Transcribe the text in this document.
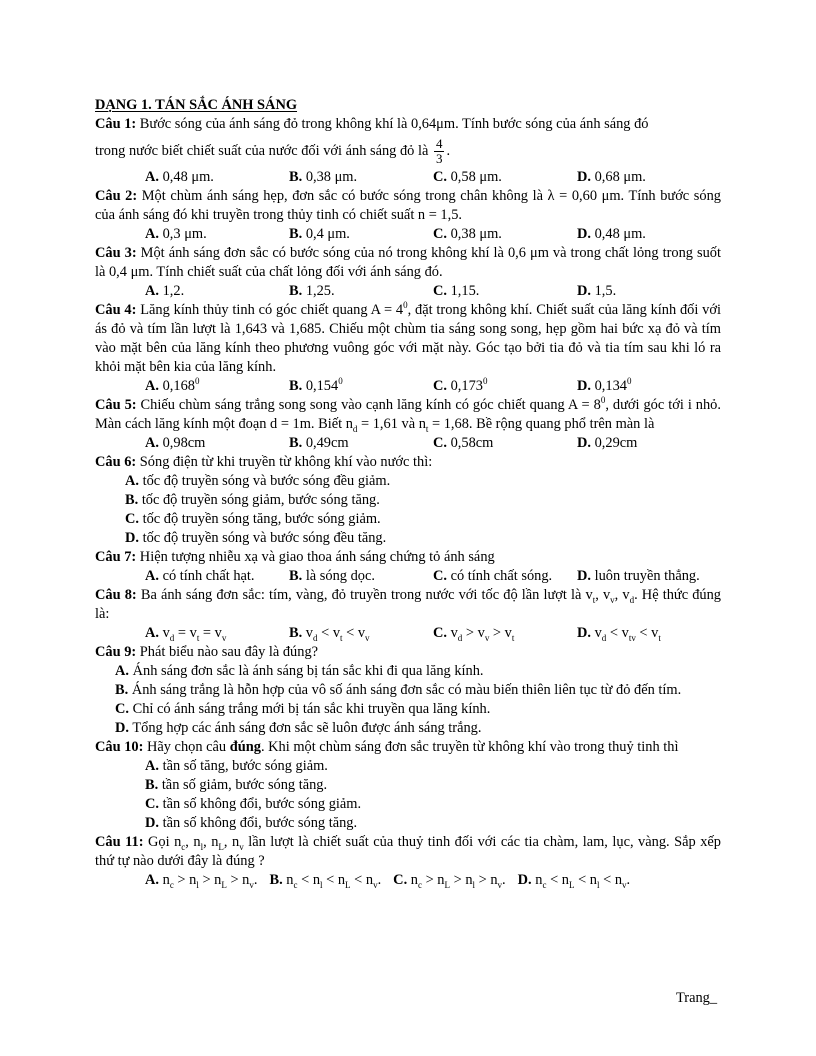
DẠNG 1. TÁN SẮC ÁNH SÁNG
Câu 1: Bước sóng của ánh sáng đỏ trong không khí là 0,64μm. Tính bước sóng của ánh sáng đó
trong nước biết chiết suất của nước đối với ánh sáng đỏ là $\frac{4}{3}$ .
A. 0,48 μm.	B. 0,38 μm.	C. 0,58 μm.	D. 0,68 μm.
Câu 2: Một chùm ánh sáng hẹp, đơn sắc có bước sóng trong chân không là λ = 0,60 μm. Tính bước sóng của ánh sáng đó khi truyền trong thủy tinh có chiết suất n = 1,5.
A. 0,3 μm.	B. 0,4 μm.	C. 0,38 μm.	D. 0,48 μm.
Câu 3: Một ánh sáng đơn sắc có bước sóng của nó trong không khí là 0,6 μm và trong chất lỏng trong suốt là 0,4 μm. Tính chiết suất của chất lỏng đối với ánh sáng đó.
A. 1,2.	B. 1,25.	C. 1,15.	D. 1,5.
Câu 4: Lăng kính thủy tinh có góc chiết quang $A = 4^0$, đặt trong không khí. Chiết suất của lăng kính đối với ás đỏ và tím lần lượt là 1,643 và 1,685. Chiếu một chùm tia sáng song song, hẹp gồm hai bức xạ đỏ và tím vào mặt bên của lăng kính theo phương vuông góc với mặt này. Góc tạo bởi tia đỏ và tia tím sau khi ló ra khỏi mặt bên kia của lăng kính.
A. 0,168$^0$	B. 0,154$^0$	C. 0,173$^0$	D. 0,134$^0$
Câu 5: Chiếu chùm sáng trắng song song vào cạnh lăng kính có góc chiết quang $A = 8^0$, dưới góc tới i nhỏ. Màn cách lăng kính một đoạn d = 1m. Biết $n_d = 1,61$ và $n_t = 1,68$. Bề rộng quang phổ trên màn là
A. 0,98cm	B. 0,49cm	C. 0,58cm	D. 0,29cm
Câu 6: Sóng điện từ khi truyền từ không khí vào nước thì:
A. tốc độ truyền sóng và bước sóng đều giảm.
B. tốc độ truyền sóng giảm, bước sóng tăng.
C. tốc độ truyền sóng tăng, bước sóng giảm.
D. tốc độ truyền sóng và bước sóng đều tăng.
Câu 7: Hiện tượng nhiễu xạ và giao thoa ánh sáng chứng tỏ ánh sáng
A. có tính chất hạt.	B. là sóng dọc.	C. có tính chất sóng.	D. luôn truyền thẳng.
Câu 8: Ba ánh sáng đơn sắc: tím, vàng, đỏ truyền trong nước với tốc độ lần lượt là $v_t$, $v_v$, $v_d$. Hệ thức đúng là:
A. $v_d = v_t = v_v$	B. $v_d < v_t < v_v$	C. $v_d > v_v > v_t$	D. $v_d < v_{tv} < v_t$
Câu 9: Phát biểu nào sau đây là đúng?
A. Ánh sáng đơn sắc là ánh sáng bị tán sắc khi đi qua lăng kính.
B. Ánh sáng trắng là hỗn hợp của vô số ánh sáng đơn sắc có màu biến thiên liên tục từ đỏ đến tím.
C. Chỉ có ánh sáng trắng mới bị tán sắc khi truyền qua lăng kính.
D. Tổng hợp các ánh sáng đơn sắc sẽ luôn được ánh sáng trắng.
Câu 10: Hãy chọn câu đúng. Khi một chùm sáng đơn sắc truyền từ không khí vào trong thuỷ tinh thì
A. tần số tăng, bước sóng giảm.
B. tần số giảm, bước sóng tăng.
C. tần số không đổi, bước sóng giảm.
D. tần số không đổi, bước sóng tăng.
Câu 11: Gọi $n_c$, $n_l$, $n_L$, $n_v$ lần lượt là chiết suất của thuỷ tinh đối với các tia chàm, lam, lục, vàng. Sắp xếp thứ tự nào dưới đây là đúng ?
A. $n_c > n_l > n_L > n_v$. B. $n_c < n_l < n_L < n_v$. C. $n_c > n_L > n_l > n_v$. D. $n_c < n_L < n_l < n_v$.
Trang_
